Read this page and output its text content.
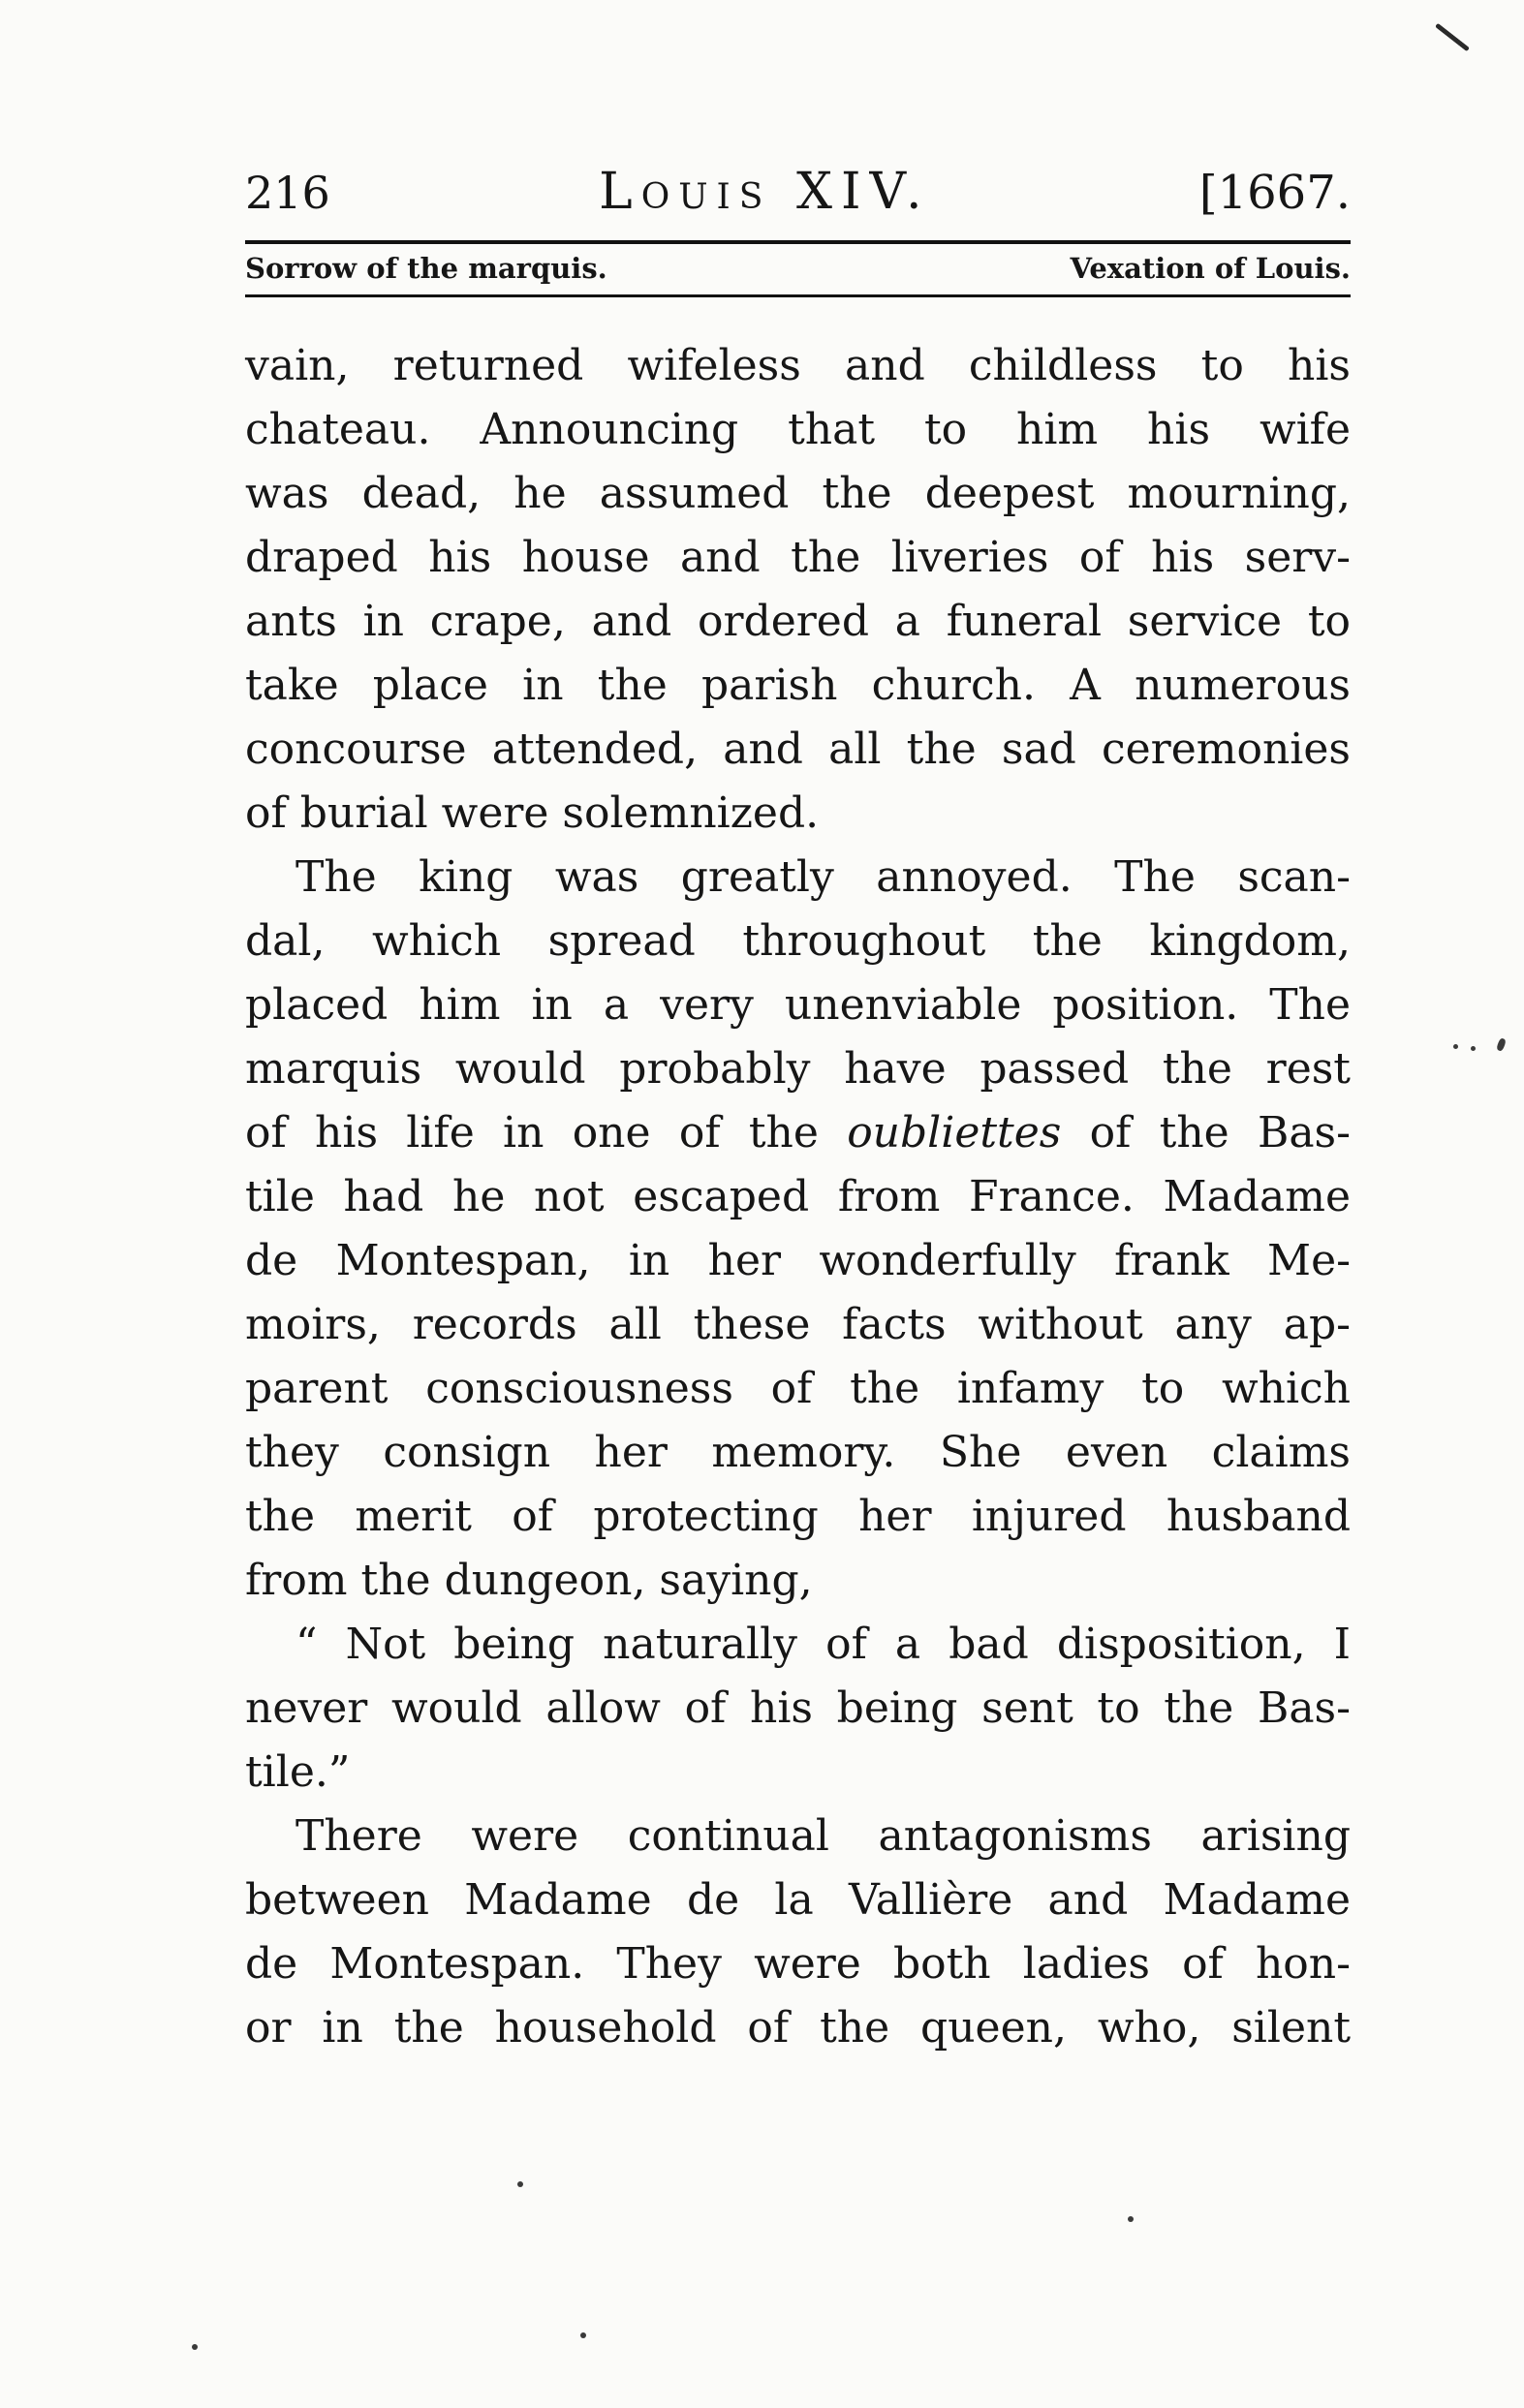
216	Louis XIV.	[1667.
Sorrow of the marquis.	Vexation of Louis.
vain, returned wifeless and childless to his
chateau. Announcing that to him his wife
was dead, he assumed the deepest mourning,
draped his house and the liveries of his serv-
ants in crape, and ordered a funeral service to
take place in the parish church. A numerous
concourse attended, and all the sad ceremonies
of burial were solemnized.
The king was greatly annoyed. The scan-
dal, which spread throughout the kingdom,
placed him in a very unenviable position. The
marquis would probably have passed the rest
of his life in one of the oubliettes of the Bas-
tile had he not escaped from France. Madame
de Montespan, in her wonderfully frank Me-
moirs, records all these facts without any ap-
parent consciousness of the infamy to which
they consign her memory. She even claims
the merit of protecting her injured husband
from the dungeon, saying,
“ Not being naturally of a bad disposition, I
never would allow of his being sent to the Bas-
tile.”
There were continual antagonisms arising
between Madame de la Vallière and Madame
de Montespan. They were both ladies of hon-
or in the household of the queen, who, silent
